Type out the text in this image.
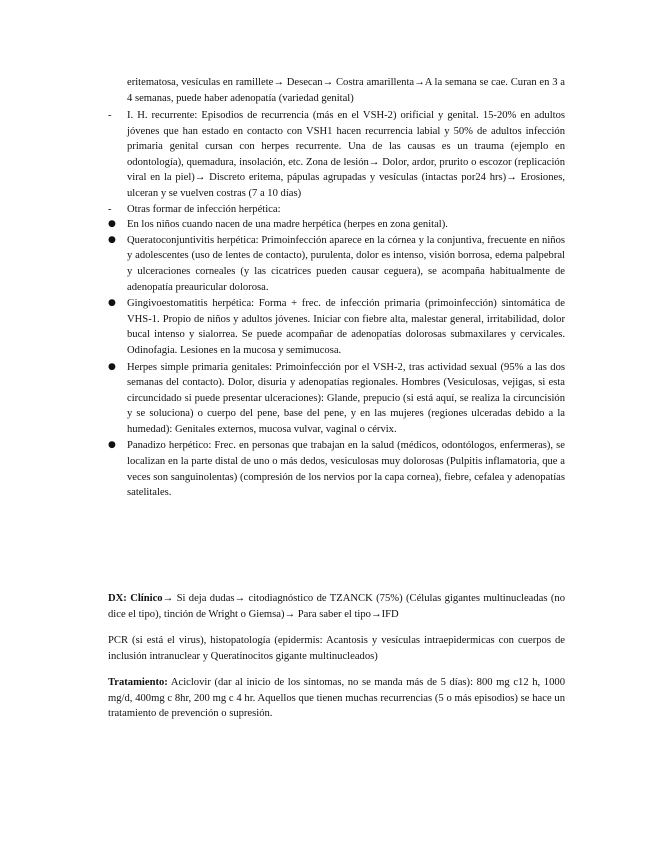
eritematosa, vesículas en ramillete→ Desecan→ Costra amarillenta→A la semana se cae. Curan en 3 a 4 semanas, puede haber adenopatía (variedad genital)
-	I. H. recurrente: Episodios de recurrencia (más en el VSH-2) orificial y genital. 15-20% en adultos jóvenes que han estado en contacto con VSH1 hacen recurrencia labial y 50% de adultos infección primaria genital cursan con herpes recurrente. Una de las causas es un trauma (ejemplo en odontología), quemadura, insolación, etc. Zona de lesión→ Dolor, ardor, prurito o escozor (replicación viral en la piel)→ Discreto eritema, pápulas agrupadas y vesículas (intactas por24 hrs)→ Erosiones, ulceran y se vuelven costras (7 a 10 días)
-	Otras formar de infección herpética:
●	En los niños cuando nacen de una madre herpética (herpes en zona genital).
●	Queratoconjuntivitis herpética: Primoinfección aparece en la córnea y la conjuntiva, frecuente en niños y adolescentes (uso de lentes de contacto), purulenta, dolor es intenso, visión borrosa, edema palpebral y ulceraciones corneales (y las cicatrices pueden causar ceguera), se acompaña habitualmente de adenopatía preauricular dolorosa.
●	Gingivoestomatitis herpética: Forma + frec. de infección primaria (primoinfección) sintomática de VHS-1. Propio de niños y adultos jóvenes. Iniciar con fiebre alta, malestar general, irritabilidad, dolor bucal intenso y sialorrea. Se puede acompañar de adenopatías dolorosas submaxilares y cervicales. Odinofagia. Lesiones en la mucosa y semimucosa.
●	Herpes simple primaria genitales: Primoinfección por el VSH-2, tras actividad sexual (95% a las dos semanas del contacto). Dolor, disuria y adenopatías regionales. Hombres (Vesiculosas, vejigas, si esta circuncidado si puede presentar ulceraciones): Glande, prepucio (si está aquí, se realiza la circuncisión y se soluciona) o cuerpo del pene, base del pene, y en las mujeres (regiones ulceradas debido a la humedad): Genitales externos, mucosa vulvar, vaginal o cérvix.
●	Panadizo herpético: Frec. en personas que trabajan en la salud (médicos, odontólogos, enfermeras), se localizan en la parte distal de uno o más dedos, vesiculosas muy dolorosas (Pulpitis inflamatoria, que a veces son sanguinolentas) (compresión de los nervios por la capa cornea), fiebre, cefalea y adenopatías satelitales.
DX: Clínico→ Si deja dudas→ citodiagnóstico de TZANCK (75%) (Células gigantes multinucleadas (no dice el tipo), tinción de Wright o Giemsa)→ Para saber el tipo→IFD
PCR (si está el virus), histopatología (epidermis: Acantosis y vesículas intraepidermicas con cuerpos de inclusión intranuclear y Queratinocitos gigante multinucleados)
Tratamiento: Aciclovir (dar al inicio de los síntomas, no se manda más de 5 días): 800 mg c12 h, 1000 mg/d, 400mg c 8hr, 200 mg c 4 hr. Aquellos que tienen muchas recurrencias (5 o más episodios) se hace un tratamiento de prevención o supresión.
